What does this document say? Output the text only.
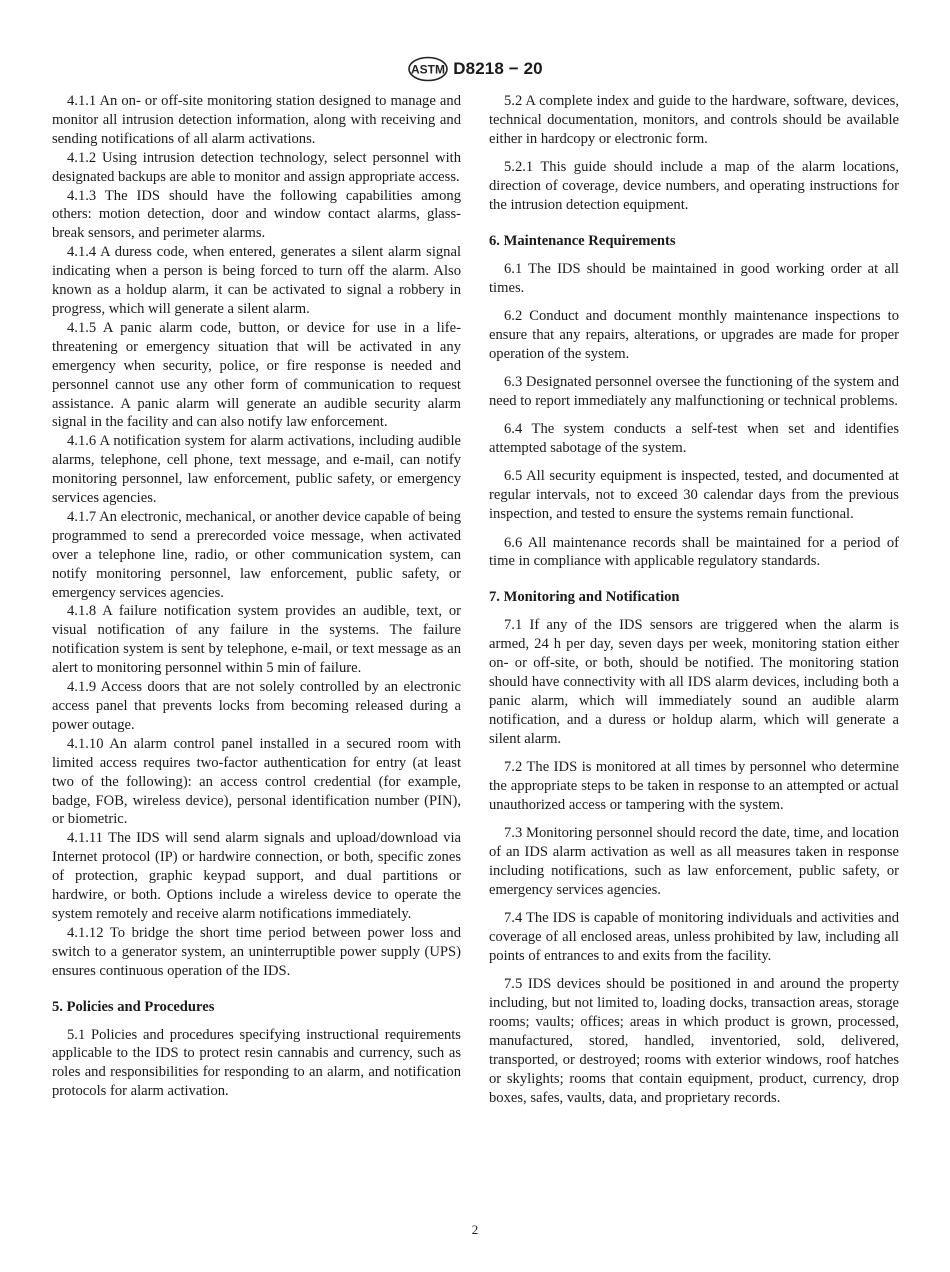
ASTM D8218 − 20

4.1.1 An on- or off-site monitoring station designed to manage and monitor all intrusion detection information, along with receiving and sending notifications of all alarm activations.

4.1.2 Using intrusion detection technology, select personnel with designated backups are able to monitor and assign appropriate access.

4.1.3 The IDS should have the following capabilities among others: motion detection, door and window contact alarms, glass-break sensors, and perimeter alarms.

4.1.4 A duress code, when entered, generates a silent alarm signal indicating when a person is being forced to turn off the alarm. Also known as a holdup alarm, it can be activated to signal a robbery in progress, which will generate a silent alarm.

4.1.5 A panic alarm code, button, or device for use in a life-threatening or emergency situation that will be activated in any emergency when security, police, or fire response is needed and personnel cannot use any other form of communication to request assistance. A panic alarm will generate an audible security alarm signal in the facility and can also notify law enforcement.

4.1.6 A notification system for alarm activations, including audible alarms, telephone, cell phone, text message, and e-mail, can notify monitoring personnel, law enforcement, public safety, or emergency services agencies.

4.1.7 An electronic, mechanical, or another device capable of being programmed to send a prerecorded voice message, when activated over a telephone line, radio, or other communication system, can notify monitoring personnel, law enforcement, public safety, or emergency services agencies.

4.1.8 A failure notification system provides an audible, text, or visual notification of any failure in the systems. The failure notification system is sent by telephone, e-mail, or text message as an alert to monitoring personnel within 5 min of failure.

4.1.9 Access doors that are not solely controlled by an electronic access panel that prevents locks from becoming released during a power outage.

4.1.10 An alarm control panel installed in a secured room with limited access requires two-factor authentication for entry (at least two of the following): an access control credential (for example, badge, FOB, wireless device), personal identification number (PIN), or biometric.

4.1.11 The IDS will send alarm signals and upload/download via Internet protocol (IP) or hardwire connection, or both, specific zones of protection, graphic keypad support, and dual partitions or hardwire, or both. Options include a wireless device to operate the system remotely and receive alarm notifications immediately.

4.1.12 To bridge the short time period between power loss and switch to a generator system, an uninterruptible power supply (UPS) ensures continuous operation of the IDS.

5. Policies and Procedures

5.1 Policies and procedures specifying instructional requirements applicable to the IDS to protect resin cannabis and currency, such as roles and responsibilities for responding to an alarm, and notification protocols for alarm activation.

5.2 A complete index and guide to the hardware, software, devices, technical documentation, monitors, and controls should be available either in hardcopy or electronic form.

5.2.1 This guide should include a map of the alarm locations, direction of coverage, device numbers, and operating instructions for the intrusion detection equipment.

6. Maintenance Requirements

6.1 The IDS should be maintained in good working order at all times.

6.2 Conduct and document monthly maintenance inspections to ensure that any repairs, alterations, or upgrades are made for proper operation of the system.

6.3 Designated personnel oversee the functioning of the system and need to report immediately any malfunctioning or technical problems.

6.4 The system conducts a self-test when set and identifies attempted sabotage of the system.

6.5 All security equipment is inspected, tested, and documented at regular intervals, not to exceed 30 calendar days from the previous inspection, and tested to ensure the systems remain functional.

6.6 All maintenance records shall be maintained for a period of time in compliance with applicable regulatory standards.

7. Monitoring and Notification

7.1 If any of the IDS sensors are triggered when the alarm is armed, 24 h per day, seven days per week, monitoring station either on- or off-site, or both, should be notified. The monitoring station should have connectivity with all IDS alarm devices, including both a panic alarm, which will immediately sound an audible alarm notification, and a duress or holdup alarm, which will generate a silent alarm.

7.2 The IDS is monitored at all times by personnel who determine the appropriate steps to be taken in response to an attempted or actual unauthorized access or tampering with the system.

7.3 Monitoring personnel should record the date, time, and location of an IDS alarm activation as well as all measures taken in response including notifications, such as law enforcement, public safety, or emergency services agencies.

7.4 The IDS is capable of monitoring individuals and activities and coverage of all enclosed areas, unless prohibited by law, including all points of entrances to and exits from the facility.

7.5 IDS devices should be positioned in and around the property including, but not limited to, loading docks, transaction areas, storage rooms; vaults; offices; areas in which product is grown, processed, manufactured, stored, handled, inventoried, sold, delivered, transported, or destroyed; rooms with exterior windows, roof hatches or skylights; rooms that contain equipment, product, currency, drop boxes, safes, vaults, data, and proprietary records.

2
